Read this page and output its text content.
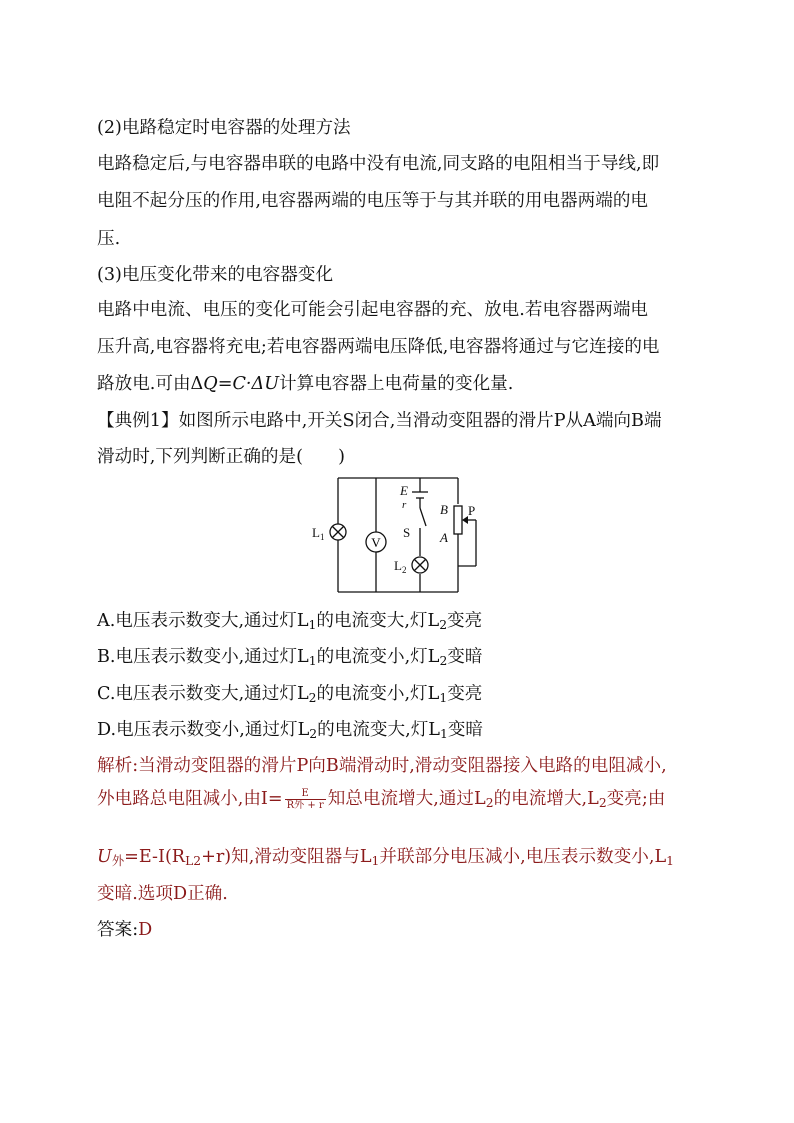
(2)电路稳定时电容器的处理方法
电路稳定后,与电容器串联的电路中没有电流,同支路的电阻相当于导线,即
电阻不起分压的作用,电容器两端的电压等于与其并联的用电器两端的电
压.
(3)电压变化带来的电容器变化
电路中电流、电压的变化可能会引起电容器的充、放电.若电容器两端电
压升高,电容器将充电;若电容器两端电压降低,电容器将通过与它连接的电
路放电.可由ΔQ=C·ΔU计算电容器上电荷量的变化量.
【典例1】如图所示电路中,开关S闭合,当滑动变阻器的滑片P从A端向B端
滑动时,下列判断正确的是(　　)
V
$L_1$
E
r
S
$L_2$
B
A
P
A.电压表示数变大,通过灯$L_1$的电流变大,灯$L_2$变亮
B.电压表示数变小,通过灯$L_1$的电流变小,灯$L_2$变暗
C.电压表示数变大,通过灯$L_2$的电流变小,灯$L_1$变亮
D.电压表示数变小,通过灯$L_2$的电流变大,灯$L_1$变暗
解析:当滑动变阻器的滑片P向B端滑动时,滑动变阻器接入电路的电阻减小,
外电路总电阻减小,由$I= \frac{E}{\text{R外 + r}}$ 知总电流增大,通过$L_2$的电流增大$,L_2$变亮;由
$U_外=E-I(R_{L2}+r)$知,滑动变阻器与$L_1$并联部分电压减小,电压表示数变小$,L_1$
变暗.选项D正确.
答案:D
